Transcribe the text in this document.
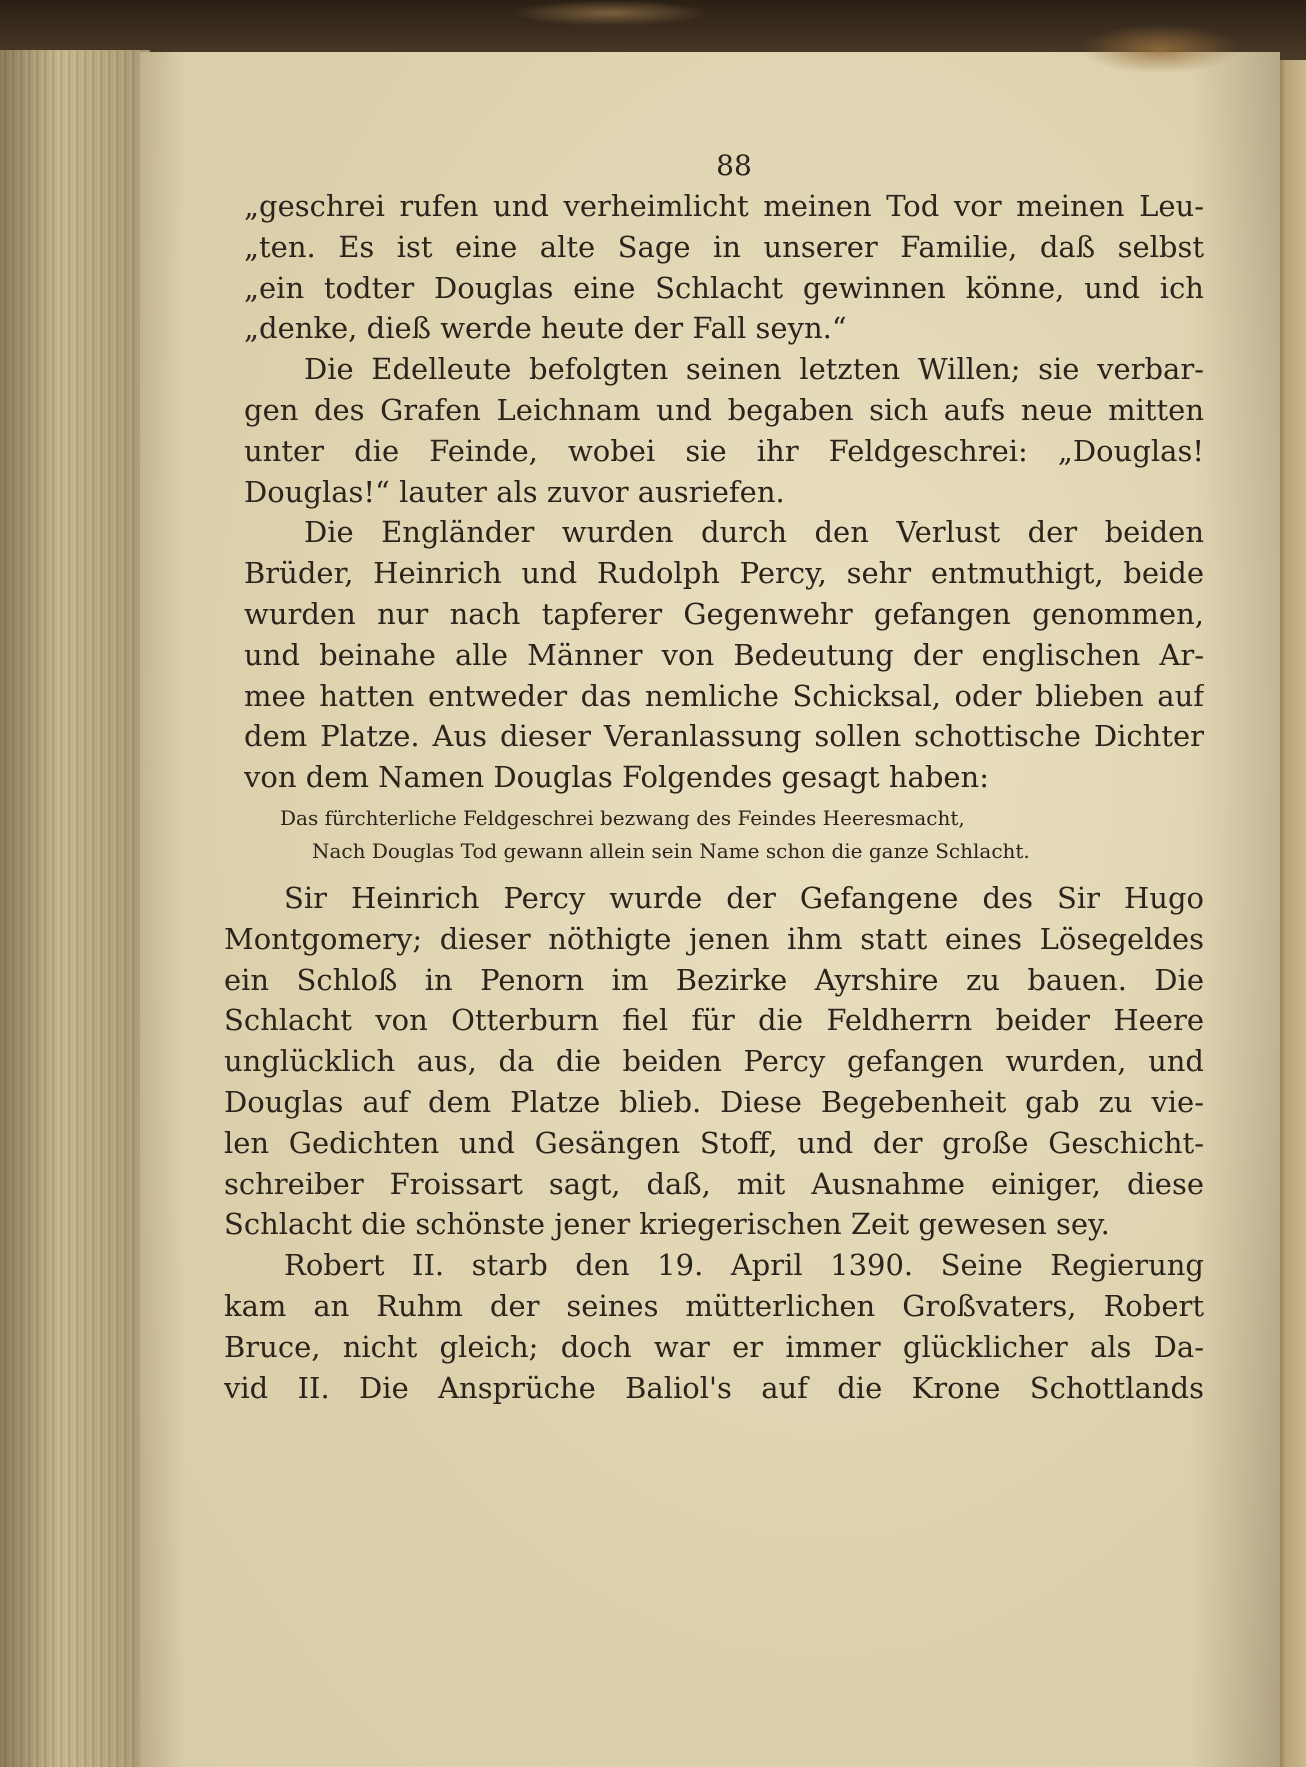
88
„geschrei rufen und verheimlicht meinen Tod vor meinen Leu-
„ten. Es ist eine alte Sage in unserer Familie, daß selbst
„ein todter Douglas eine Schlacht gewinnen könne, und ich
„denke, dieß werde heute der Fall seyn.“
Die Edelleute befolgten seinen letzten Willen; sie verbar-
gen des Grafen Leichnam und begaben sich aufs neue mitten
unter die Feinde, wobei sie ihr Feldgeschrei: „Douglas!
Douglas!“ lauter als zuvor ausriefen.
Die Engländer wurden durch den Verlust der beiden
Brüder, Heinrich und Rudolph Percy, sehr entmuthigt, beide
wurden nur nach tapferer Gegenwehr gefangen genommen,
und beinahe alle Männer von Bedeutung der englischen Ar-
mee hatten entweder das nemliche Schicksal, oder blieben auf
dem Platze. Aus dieser Veranlassung sollen schottische Dichter
von dem Namen Douglas Folgendes gesagt haben:
Das fürchterliche Feldgeschrei bezwang des Feindes Heeresmacht,
Nach Douglas Tod gewann allein sein Name schon die ganze Schlacht.
Sir Heinrich Percy wurde der Gefangene des Sir Hugo
Montgomery; dieser nöthigte jenen ihm statt eines Lösegeldes
ein Schloß in Penorn im Bezirke Ayrshire zu bauen. Die
Schlacht von Otterburn fiel für die Feldherrn beider Heere
unglücklich aus, da die beiden Percy gefangen wurden, und
Douglas auf dem Platze blieb. Diese Begebenheit gab zu vie-
len Gedichten und Gesängen Stoff, und der große Geschicht-
schreiber Froissart sagt, daß, mit Ausnahme einiger, diese
Schlacht die schönste jener kriegerischen Zeit gewesen sey.
Robert II. starb den 19. April 1390. Seine Regierung
kam an Ruhm der seines mütterlichen Großvaters, Robert
Bruce, nicht gleich; doch war er immer glücklicher als Da-
vid II. Die Ansprüche Baliol's auf die Krone Schottlands
